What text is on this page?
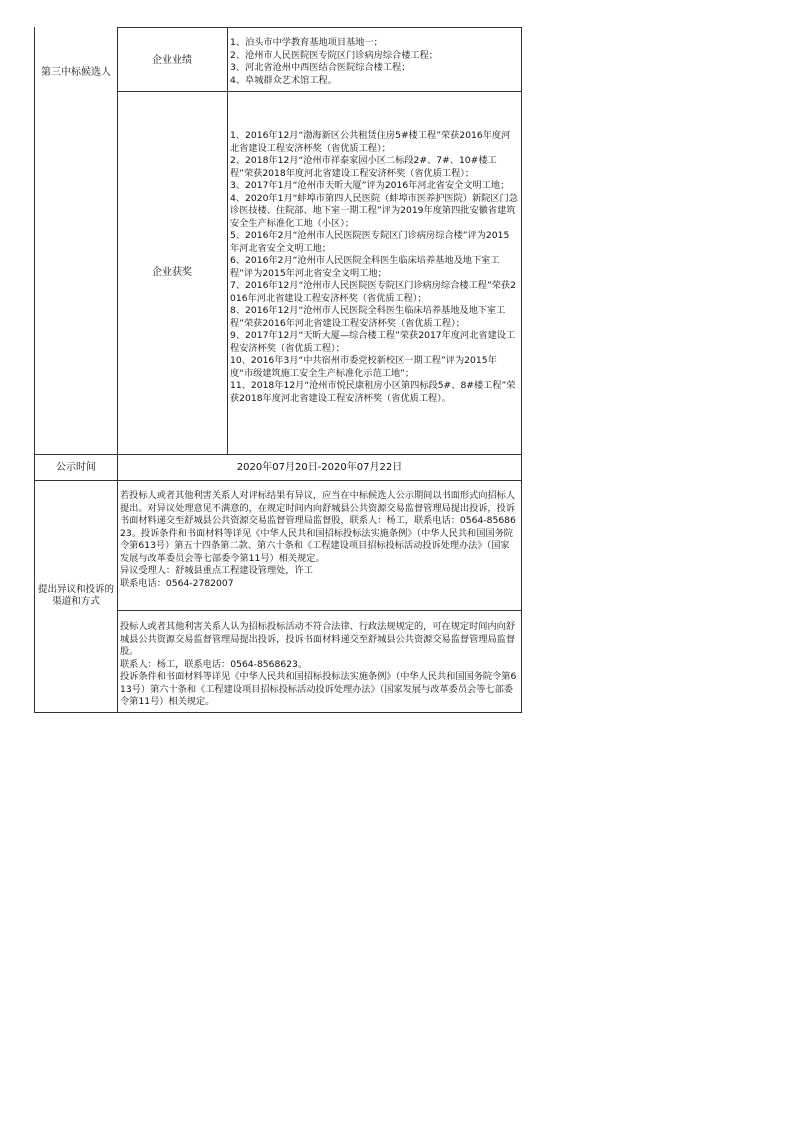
第三中标候选人
企业业绩
1、泊头市中学教育基地项目基地一；
2、沧州市人民医院医专院区门诊病房综合楼工程；
3、河北省沧州中西医结合医院综合楼工程；
4、阜城群众艺术馆工程。
企业获奖
1、2016年12月“渤海新区公共租赁住房5#楼工程”荣获2016年度河北省建设工程安济杯奖（省优质工程）；
2、2018年12月“沧州市祥泰家园小区二标段2#、7#、10#楼工程”荣获2018年度河北省建设工程安济杯奖（省优质工程）；
3、2017年1月“沧州市天昕大厦”评为2016年河北省安全文明工地；
4、2020年1月“蚌埠市第四人民医院（蚌埠市医养护医院）新院区门急诊医技楼、住院部、地下室一期工程”评为2019年度第四批安徽省建筑安全生产标准化工地（小区）；
5、2016年2月“沧州市人民医院医专院区门诊病房综合楼”评为2015年河北省安全文明工地；
6、2016年2月“沧州市人民医院全科医生临床培养基地及地下室工程”评为2015年河北省安全文明工地；
7、2016年12月“沧州市人民医院医专院区门诊病房综合楼工程”荣获2016年河北省建设工程安济杯奖（省优质工程）；
8、2016年12月“沧州市人民医院全科医生临床培养基地及地下室工程”荣获2016年河北省建设工程安济杯奖（省优质工程）；
9、2017年12月“天昕大厦—综合楼工程”荣获2017年度河北省建设工程安济杯奖（省优质工程）；
10、2016年3月“中共宿州市委党校新校区一期工程”评为2015年度“市级建筑施工安全生产标准化示范工地”；
11、2018年12月“沧州市悦民康租房小区第四标段5#、8#楼工程”荣获2018年度河北省建设工程安济杯奖（省优质工程）。
公示时间	2020年07月20日-2020年07月22日
提出异议和投诉的渠道和方式
若投标人或者其他利害关系人对评标结果有异议，应当在中标候选人公示期间以书面形式向招标人提出。对异议处理意见不满意的，在规定时间内向舒城县公共资源交易监督管理局提出投诉，投诉书面材料递交至舒城县公共资源交易监督管理局监督股，联系人：杨工，联系电话：0564-8568623。投诉条件和书面材料等详见《中华人民共和国招标投标法实施条例》（中华人民共和国国务院令第613号）第五十四条第二款、第六十条和《工程建设项目招标投标活动投诉处理办法》（国家发展与改革委员会等七部委令第11号）相关规定。
异议受理人：舒城县重点工程建设管理处，许工
联系电话：0564-2782007
投标人或者其他利害关系人认为招标投标活动不符合法律、行政法规规定的，可在规定时间内向舒城县公共资源交易监督管理局提出投诉，投诉书面材料递交至舒城县公共资源交易监督管理局监督股。
联系人：杨工，联系电话：0564-8568623。
投诉条件和书面材料等详见《中华人民共和国招标投标法实施条例》（中华人民共和国国务院令第613号）第六十条和《工程建设项目招标投标活动投诉处理办法》（国家发展与改革委员会等七部委令第11号）相关规定。
